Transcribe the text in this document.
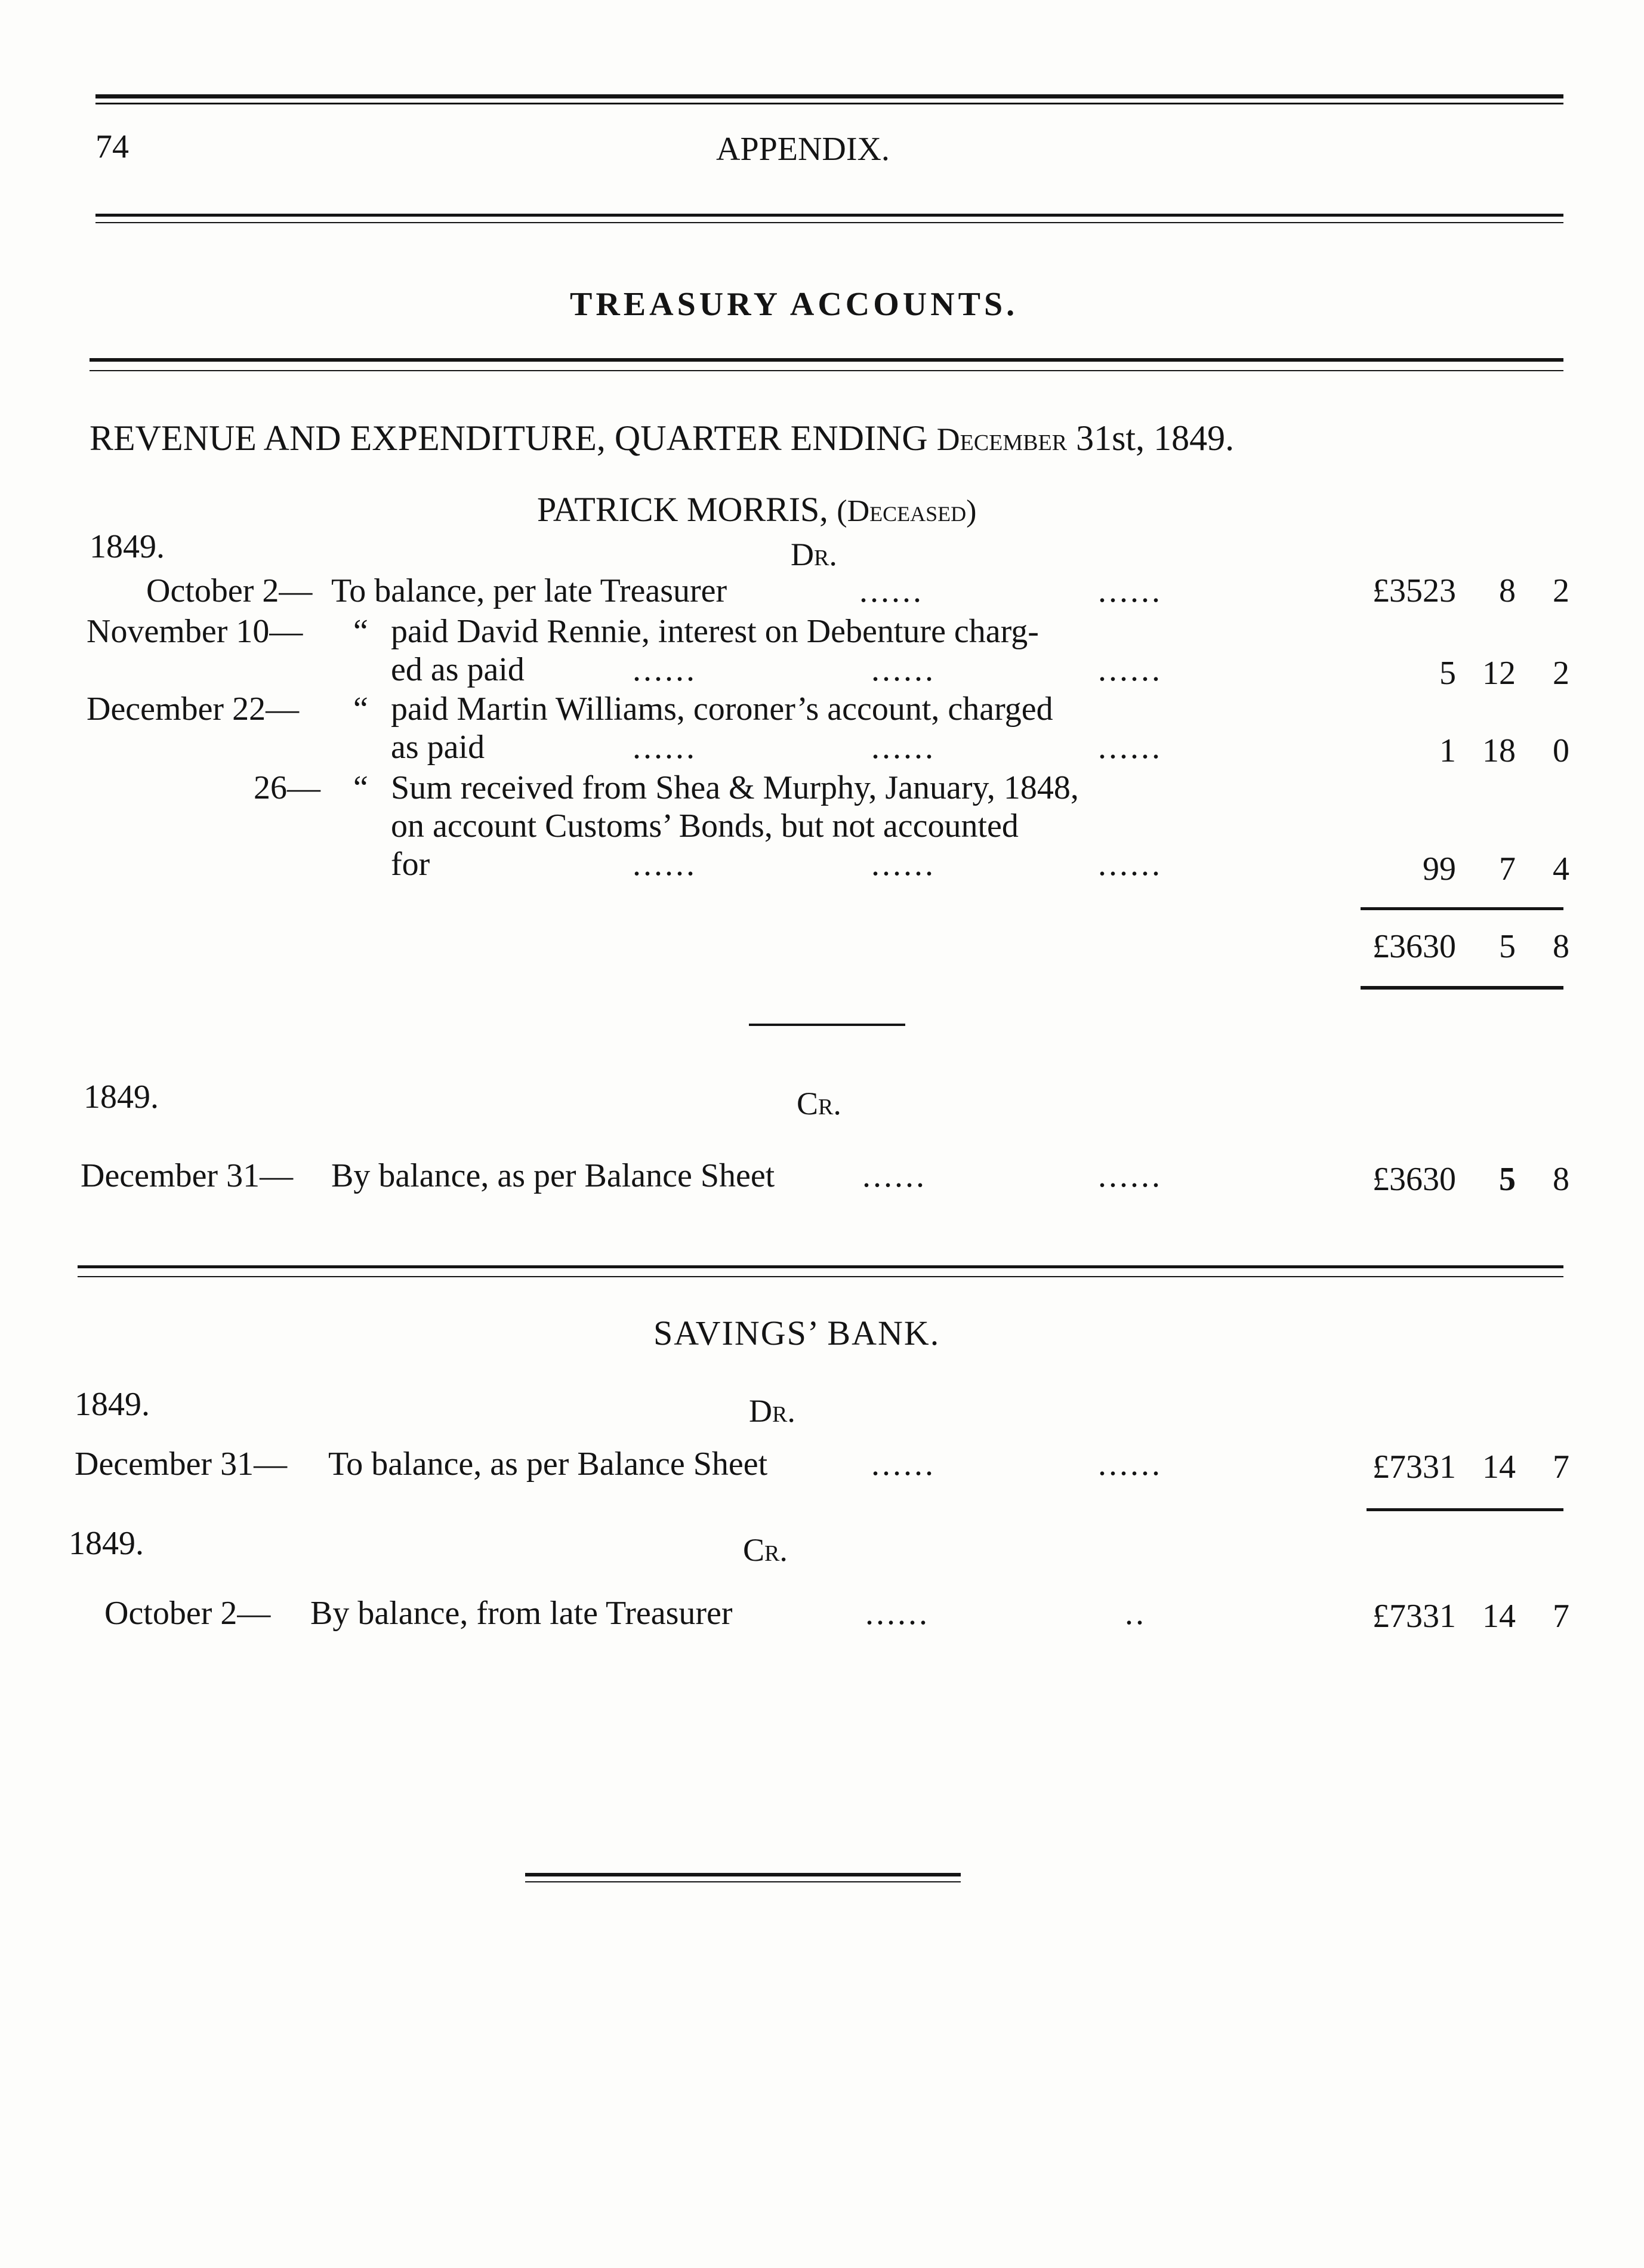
74	APPENDIX.
TREASURY ACCOUNTS.
REVENUE AND EXPENDITURE, QUARTER ENDING December 31st, 1849.
PATRICK MORRIS, (Deceased)
1849.	Dr.
October 2— To balance, per late Treasurer	......	......	£3523	8	2
November 10— “ paid David Rennie, interest on Debenture charg-
ed as paid	......	......	......	5 12	2
December 22— “ paid Martin Williams, coroner’s account, charged
as paid	......	......	......	1 18	0
26— “ Sum received from Shea & Murphy, January, 1848,
on account Customs’ Bonds, but not accounted
for	......	......	......	99	7	4
£3630	5	8
1849.	Cr.
December 31— By balance, as per Balance Sheet	......	......	£3630	5	8
SAVINGS’ BANK.
1849.	Dr.
December 31— To balance, as per Balance Sheet	......	......	£7331 14	7
1849.	Cr.
October 2— By balance, from late Treasurer	......	..	£7331 14	7
